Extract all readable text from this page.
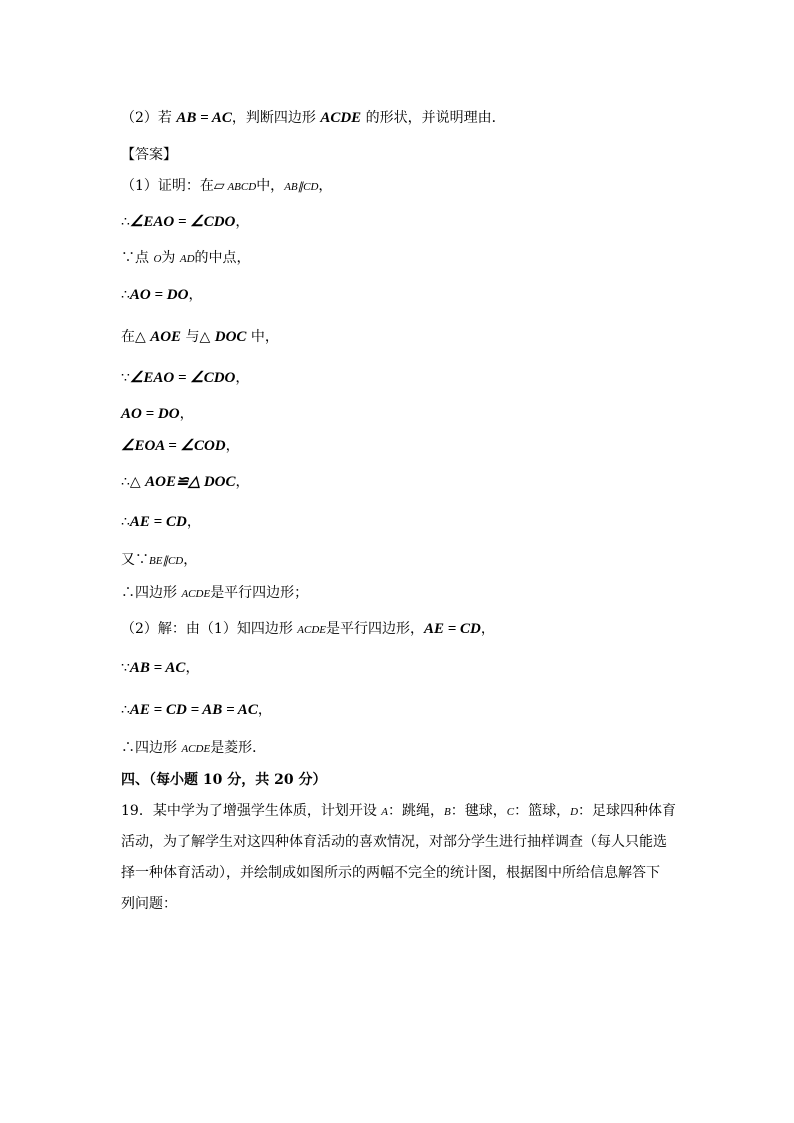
（2）若 AB = AC，判断四边形 ACDE 的形状，并说明理由．
【答案】
（1）证明：在▱ ABCD中，AB∥CD，
∴∠EAO = ∠CDO，
∵点 O为 AD的中点，
∴AO = DO，
在△ AOE 与△ DOC 中，
∵∠EAO = ∠CDO，
AO = DO，
∠EOA = ∠COD，
∴△ AOE≌△ DOC，
∴AE = CD，
又∵BE∥CD，
∴四边形 ACDE是平行四边形；
（2）解：由（1）知四边形 ACDE是平行四边形，AE = CD，
∵AB = AC，
∴AE = CD = AB = AC，
∴四边形 ACDE是菱形．
四、（每小题 10 分，共 20 分）
19．某中学为了增强学生体质，计划开设 A：跳绳，B：毽球，C：篮球，D：足球四种体育
活动，为了解学生对这四种体育活动的喜欢情况，对部分学生进行抽样调查（每人只能选
择一种体育活动），并绘制成如图所示的两幅不完全的统计图，根据图中所给信息解答下
列问题：
